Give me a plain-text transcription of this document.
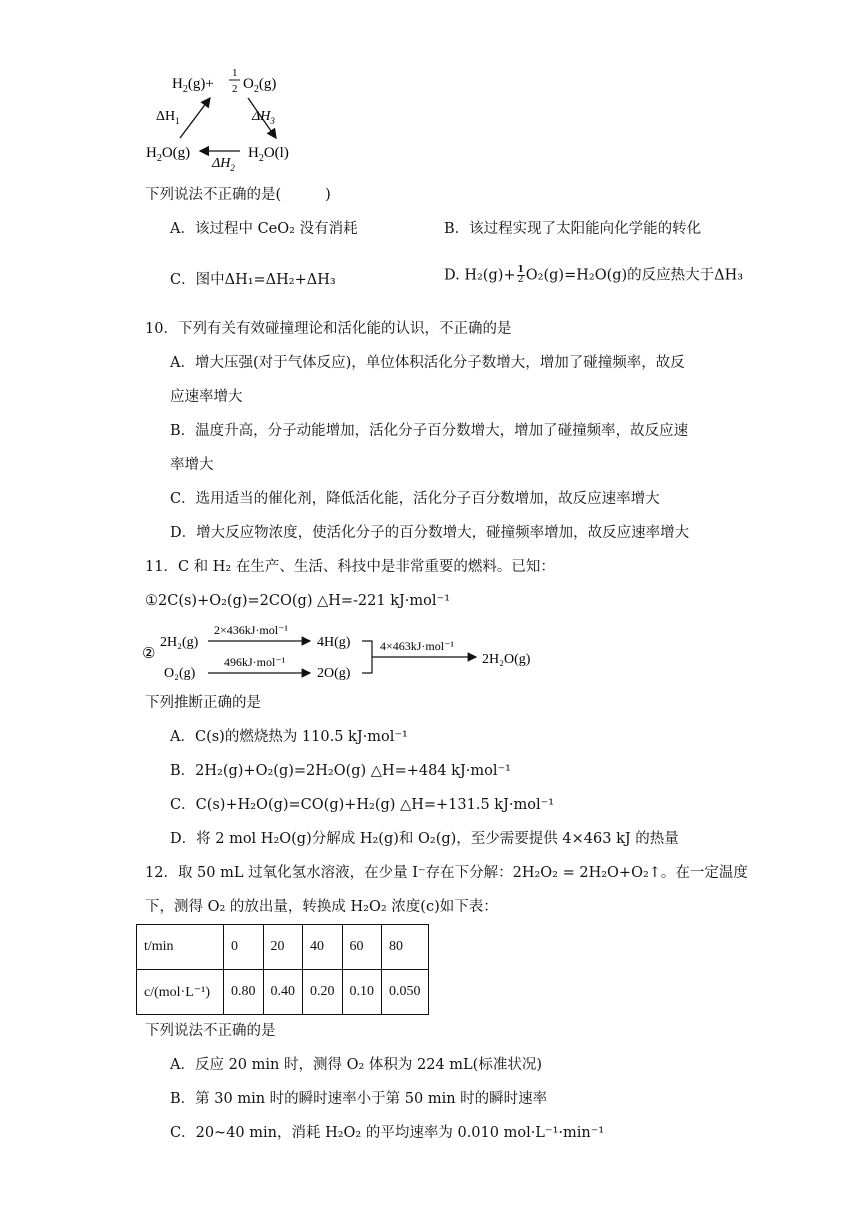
$H_2(g)+$
1
2 $O_2(g)$
$\Delta H_1$	$\Delta H_3$
$\Delta H_2$
$H_2O(g)$	$H_2O(l)$
下列说法不正确的是(	)
A．该过程中 CeO₂ 没有消耗	B．该过程实现了太阳能向化学能的转化
C．图中ΔH₁=ΔH₂+ΔH₃	D. $H_2(g)+ \frac{1}{2} O_2(g)=H_2O(g)$的反应热大于ΔH₃
10．下列有关有效碰撞理论和活化能的认识，不正确的是
A．增大压强(对于气体反应)，单位体积活化分子数增大，增加了碰撞频率，故反
应速率增大
B．温度升高，分子动能增加，活化分子百分数增大，增加了碰撞频率，故反应速
率增大
C．选用适当的催化剂，降低活化能，活化分子百分数增加，故反应速率增大
D．增大反应物浓度，使活化分子的百分数增大，碰撞频率增加，故反应速率增大
11．C 和 H₂ 在生产、生活、科技中是非常重要的燃料。已知：
①2C(s)+O₂(g)=2CO(g) △H=-221 kJ·mol⁻¹
②
2H₂(g)
O₂(g)
2×436kJ·mol⁻¹
496kJ·mol⁻¹
4H(g)
2O(g)
4×463kJ·mol⁻¹
2H₂O(g)
下列推断正确的是
A．C(s)的燃烧热为 110.5 kJ·mol⁻¹
B．2H₂(g)+O₂(g)=2H₂O(g) △H=+484 kJ·mol⁻¹
C．C(s)+H₂O(g)=CO(g)+H₂(g) △H=+131.5 kJ·mol⁻¹
D．将 2 mol H₂O(g)分解成 H₂(g)和 O₂(g)，至少需要提供 4×463 kJ 的热量
12．取 50 mL 过氧化氢水溶液，在少量 I⁻存在下分解：2H₂O₂ = 2H₂O+O₂↑。在一定温度
下，测得 O₂ 的放出量，转换成 H₂O₂ 浓度(c)如下表：
t/min	0	20	40	60	80
c/(mol·L⁻¹)	0.80	0.40	0.20	0.10	0.050
下列说法不正确的是
A．反应 20 min 时，测得 O₂ 体积为 224 mL(标准状况)
B．第 30 min 时的瞬时速率小于第 50 min 时的瞬时速率
C．20~40 min，消耗 H₂O₂ 的平均速率为 0.010 mol·L⁻¹·min⁻¹
